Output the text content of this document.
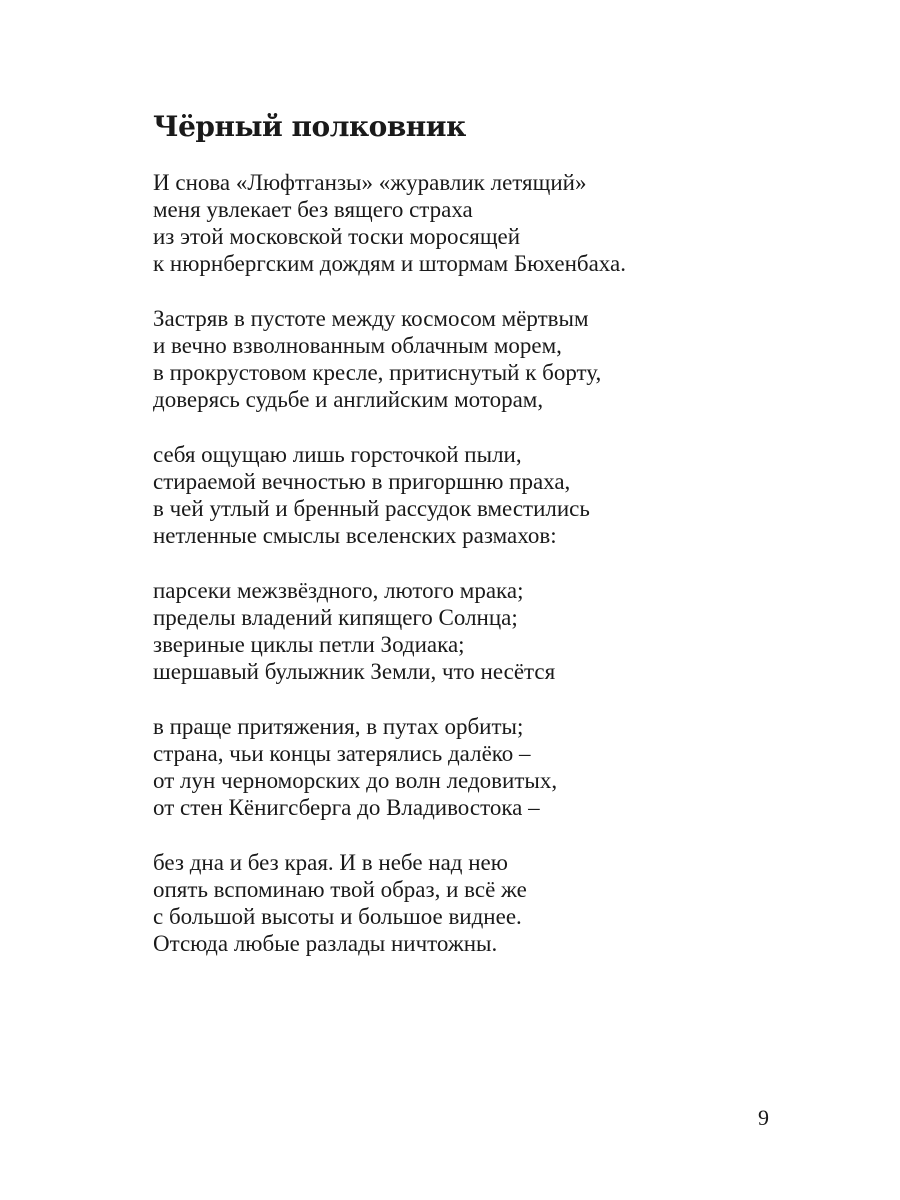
Чёрный полковник

И снова «Люфтганзы» «журавлик летящий»
меня увлекает без вящего страха
из этой московской тоски моросящей
к нюрнбергским дождям и штормам Бюхенбаха.

Застряв в пустоте между космосом мёртвым
и вечно взволнованным облачным морем,
в прокрустовом кресле, притиснутый к борту,
доверясь судьбе и английским моторам,

себя ощущаю лишь горсточкой пыли,
стираемой вечностью в пригоршню праха,
в чей утлый и бренный рассудок вместились
нетленные смыслы вселенских размахов:

парсеки межзвёздного, лютого мрака;
пределы владений кипящего Солнца;
звериные циклы петли Зодиака;
шершавый булыжник Земли, что несётся

в праще притяжения, в путах орбиты;
страна, чьи концы затерялись далёко –
от лун черноморских до волн ледовитых,
от стен Кёнигсберга до Владивостока –

без дна и без края. И в небе над нею
опять вспоминаю твой образ, и всё же
с большой высоты и большое виднее.
Отсюда любые разлады ничтожны.

9
